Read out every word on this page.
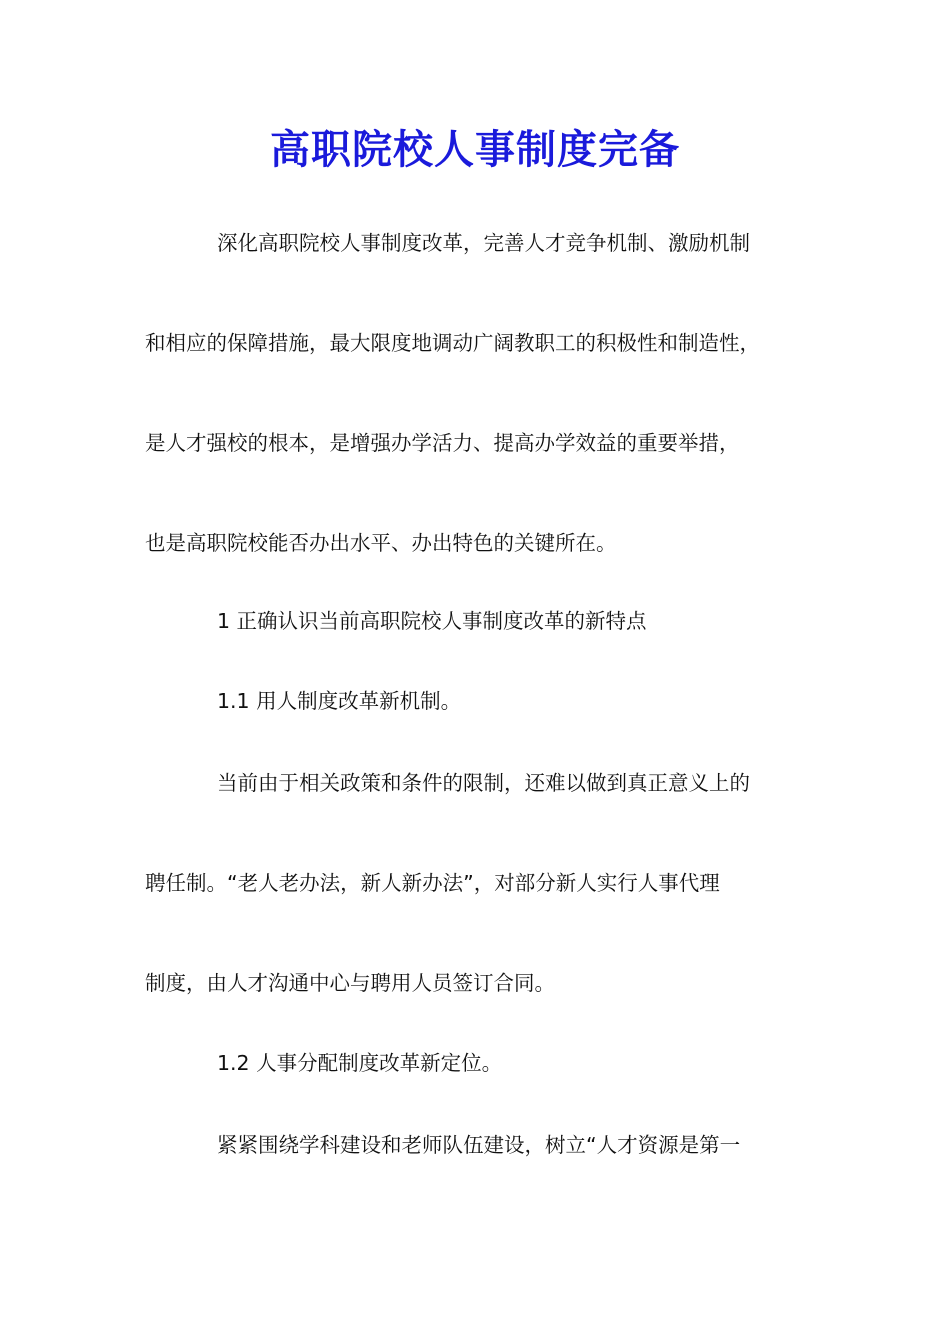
高职院校人事制度完备

深化高职院校人事制度改革，完善人才竞争机制、激励机制

和相应的保障措施，最大限度地调动广阔教职工的积极性和制造性，

是人才强校的根本，是增强办学活力、提高办学效益的重要举措，

也是高职院校能否办出水平、办出特色的关键所在。

1 正确认识当前高职院校人事制度改革的新特点

1.1 用人制度改革新机制。

当前由于相关政策和条件的限制，还难以做到真正意义上的

聘任制。“老人老办法，新人新办法”，对部分新人实行人事代理

制度，由人才沟通中心与聘用人员签订合同。

1.2 人事分配制度改革新定位。

紧紧围绕学科建设和老师队伍建设，树立“人才资源是第一
